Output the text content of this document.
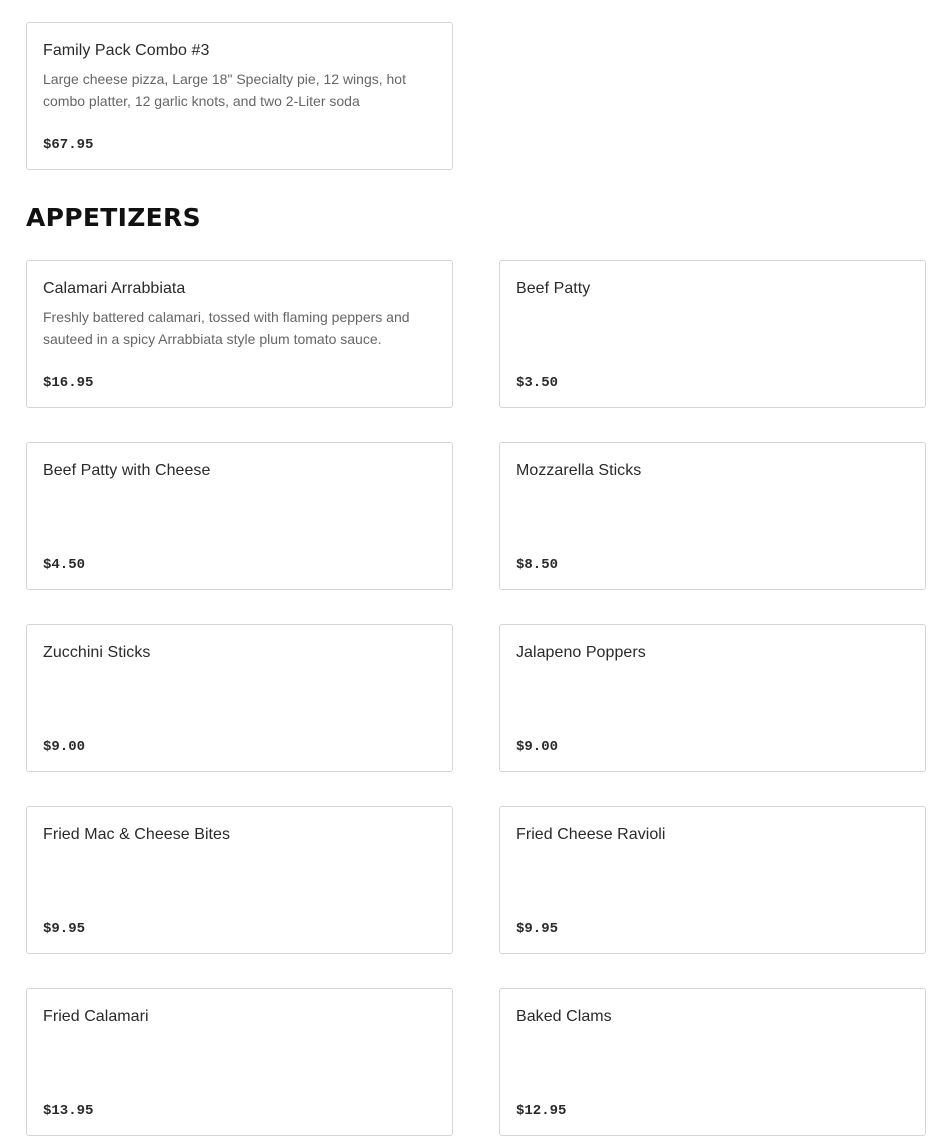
Family Pack Combo #3
Large cheese pizza, Large 18" Specialty pie, 12 wings, hot combo platter, 12 garlic knots, and two 2-Liter soda
$67.95
APPETIZERS
Calamari Arrabbiata
Freshly battered calamari, tossed with flaming peppers and sauteed in a spicy Arrabbiata style plum tomato sauce.
$16.95
Beef Patty
$3.50
Beef Patty with Cheese
$4.50
Mozzarella Sticks
$8.50
Zucchini Sticks
$9.00
Jalapeno Poppers
$9.00
Fried Mac & Cheese Bites
$9.95
Fried Cheese Ravioli
$9.95
Fried Calamari
$13.95
Baked Clams
$12.95
